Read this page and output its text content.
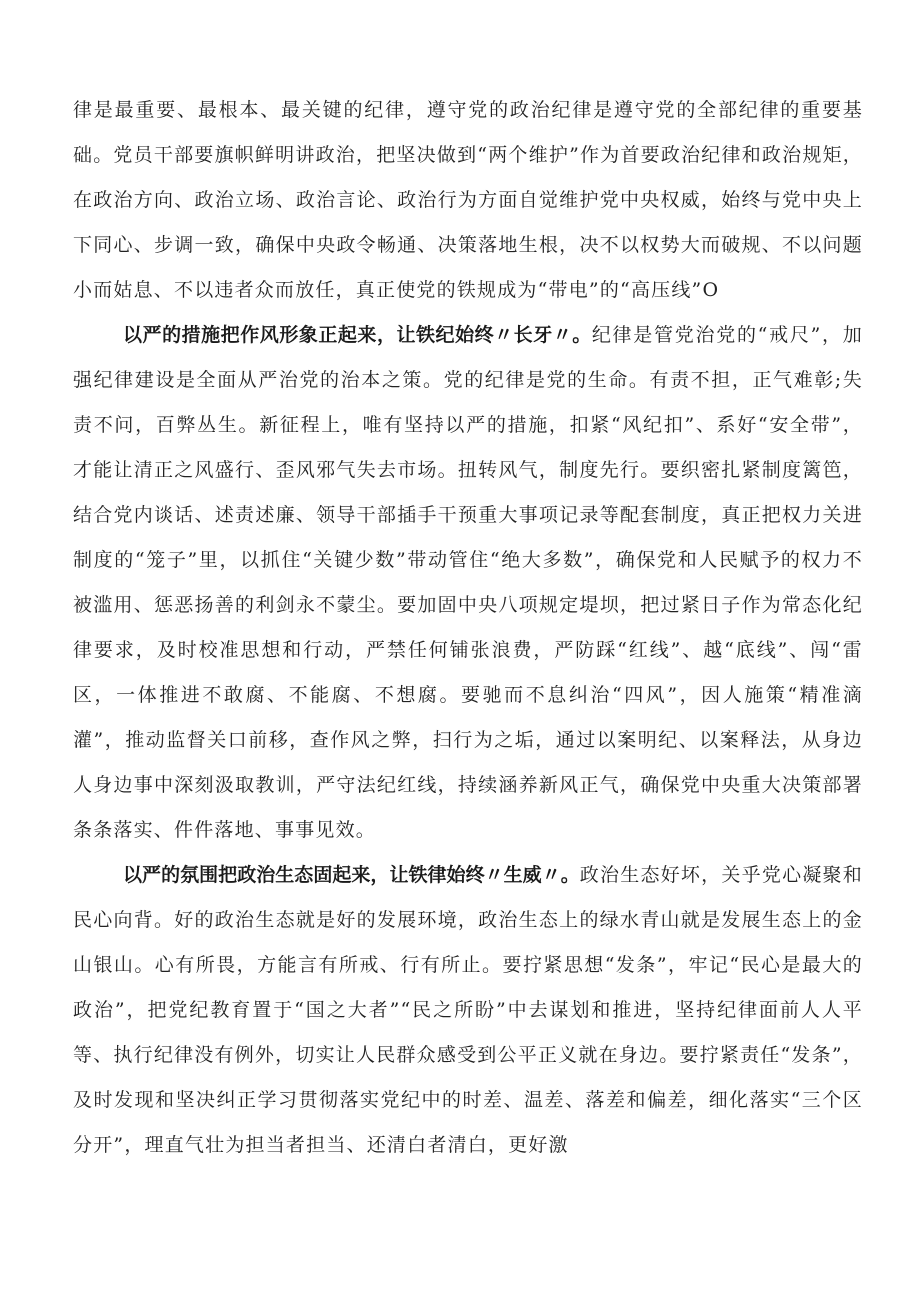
律是最重要、最根本、最关键的纪律，遵守党的政治纪律是遵守党的全部纪律的重要基础。党员干部要旗帜鲜明讲政治，把坚决做到“两个维护”作为首要政治纪律和政治规矩，在政治方向、政治立场、政治言论、政治行为方面自觉维护党中央权威，始终与党中央上下同心、步调一致，确保中央政令畅通、决策落地生根，决不以权势大而破规、不以问题小而姑息、不以违者众而放任，真正使党的铁规成为“带电”的“高压线”O

以严的措施把作风形象正起来，让铁纪始终〃长牙〃。纪律是管党治党的“戒尺”，加强纪律建设是全面从严治党的治本之策。党的纪律是党的生命。有责不担，正气难彰;失责不问，百弊丛生。新征程上，唯有坚持以严的措施，扣紧“风纪扣”、系好“安全带”，才能让清正之风盛行、歪风邪气失去市场。扭转风气，制度先行。要织密扎紧制度篱笆，结合党内谈话、述责述廉、领导干部插手干预重大事项记录等配套制度，真正把权力关进制度的“笼子”里，以抓住“关键少数”带动管住“绝大多数”，确保党和人民赋予的权力不被滥用、惩恶扬善的利剑永不蒙尘。要加固中央八项规定堤坝，把过紧日子作为常态化纪律要求，及时校准思想和行动，严禁任何铺张浪费，严防踩“红线”、越“底线”、闯“雷区，一体推进不敢腐、不能腐、不想腐。要驰而不息纠治“四风”，因人施策“精准滴灌”，推动监督关口前移，查作风之弊，扫行为之垢，通过以案明纪、以案释法，从身边人身边事中深刻汲取教训，严守法纪红线，持续涵养新风正气，确保党中央重大决策部署条条落实、件件落地、事事见效。

以严的氛围把政治生态固起来，让铁律始终〃生威〃。政治生态好坏，关乎党心凝聚和民心向背。好的政治生态就是好的发展环境，政治生态上的绿水青山就是发展生态上的金山银山。心有所畏，方能言有所戒、行有所止。要拧紧思想“发条”，牢记“民心是最大的政治”，把党纪教育置于“国之大者”“民之所盼”中去谋划和推进，坚持纪律面前人人平等、执行纪律没有例外，切实让人民群众感受到公平正义就在身边。要拧紧责任“发条”，及时发现和坚决纠正学习贯彻落实党纪中的时差、温差、落差和偏差，细化落实“三个区分开”，理直气壮为担当者担当、还清白者清白，更好激
